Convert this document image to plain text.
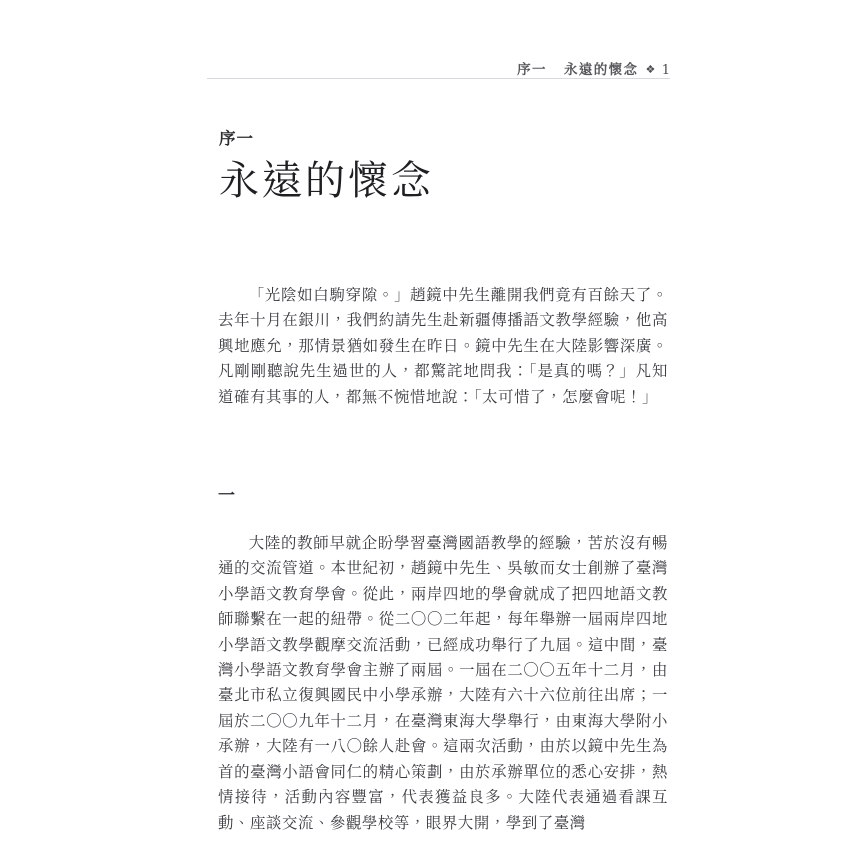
序一 永遠的懷念 ❖ 1
序一
永遠的懷念

「光陰如白駒穿隙。」趙鏡中先生離開我們竟有百餘天了。去年十月在銀川，我們約請先生赴新疆傳播語文教學經驗，他高興地應允，那情景猶如發生在昨日。鏡中先生在大陸影響深廣。凡剛剛聽說先生過世的人，都驚詫地問我：「是真的嗎？」凡知道確有其事的人，都無不惋惜地說：「太可惜了，怎麼會呢！」

一

大陸的教師早就企盼學習臺灣國語教學的經驗，苦於沒有暢通的交流管道。本世紀初，趙鏡中先生、吳敏而女士創辦了臺灣小學語文教育學會。從此，兩岸四地的學會就成了把四地語文教師聯繫在一起的紐帶。從二〇〇二年起，每年舉辦一屆兩岸四地小學語文教學觀摩交流活動，已經成功舉行了九屆。這中間，臺灣小學語文教育學會主辦了兩屆。一屆在二〇〇五年十二月，由臺北市私立復興國民中小學承辦，大陸有六十六位前往出席；一屆於二〇〇九年十二月，在臺灣東海大學舉行，由東海大學附小承辦，大陸有一八〇餘人赴會。這兩次活動，由於以鏡中先生為首的臺灣小語會同仁的精心策劃，由於承辦單位的悉心安排，熱情接待，活動內容豐富，代表獲益良多。大陸代表通過看課互動、座談交流、參觀學校等，眼界大開，學到了臺灣
